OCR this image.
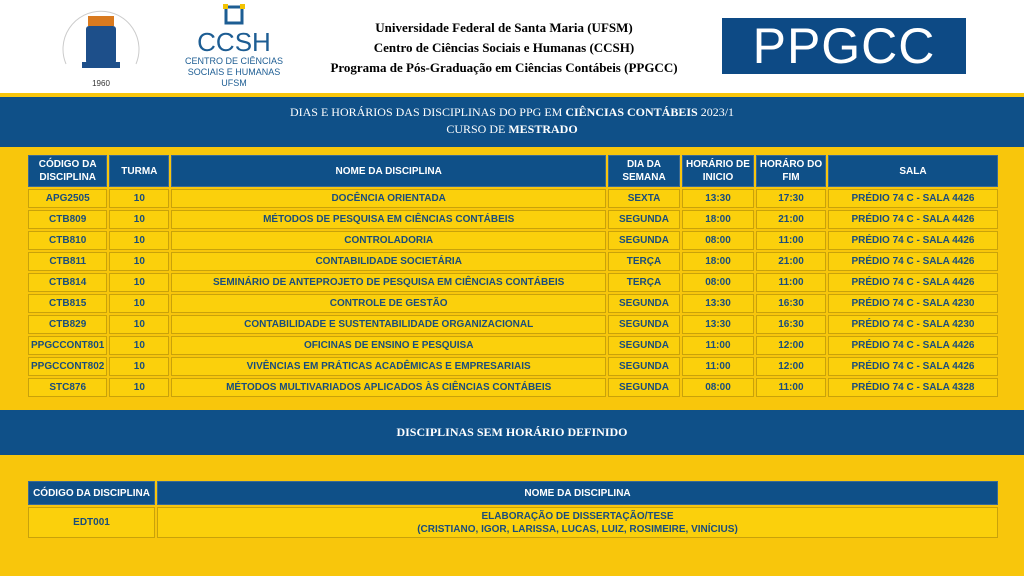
1960
CCSH
CENTRO DE CIÊNCIAS
SOCIAIS E HUMANAS
UFSM
Universidade Federal de Santa Maria (UFSM)
Centro de Ciências Sociais e Humanas (CCSH)
Programa de Pós-Graduação em Ciências Contábeis (PPGCC)	PPGCC
DIAS E HORÁRIOS DAS DISCIPLINAS DO PPG EM CIÊNCIAS CONTÁBEIS 2023/1
CURSO DE MESTRADO
CÓDIGO DA DISCIPLINA	TURMA	NOME DA DISCIPLINA	DIA DA SEMANA	HORÁRIO DE INICIO	HORÁRO DO FIM	SALA
APG2505	10	DOCÊNCIA ORIENTADA	SEXTA	13:30	17:30	PRÉDIO 74 C - SALA 4426
CTB809	10	MÉTODOS DE PESQUISA EM CIÊNCIAS CONTÁBEIS	SEGUNDA	18:00	21:00	PRÉDIO 74 C - SALA 4426
CTB810	10	CONTROLADORIA	SEGUNDA	08:00	11:00	PRÉDIO 74 C - SALA 4426
CTB811	10	CONTABILIDADE SOCIETÁRIA	TERÇA	18:00	21:00	PRÉDIO 74 C - SALA 4426
CTB814	10	SEMINÁRIO DE ANTEPROJETO DE PESQUISA EM CIÊNCIAS CONTÁBEIS	TERÇA	08:00	11:00	PRÉDIO 74 C - SALA 4426
CTB815	10	CONTROLE DE GESTÃO	SEGUNDA	13:30	16:30	PRÉDIO 74 C - SALA 4230
CTB829	10	CONTABILIDADE E SUSTENTABILIDADE ORGANIZACIONAL	SEGUNDA	13:30	16:30	PRÉDIO 74 C - SALA 4230
PPGCCONT801	10	OFICINAS DE ENSINO E PESQUISA	SEGUNDA	11:00	12:00	PRÉDIO 74 C - SALA 4426
PPGCCONT802	10	VIVÊNCIAS EM PRÁTICAS ACADÊMICAS E EMPRESARIAIS	SEGUNDA	11:00	12:00	PRÉDIO 74 C - SALA 4426
STC876	10	MÉTODOS MULTIVARIADOS APLICADOS ÀS CIÊNCIAS CONTÁBEIS	SEGUNDA	08:00	11:00	PRÉDIO 74 C - SALA 4328
DISCIPLINAS SEM HORÁRIO DEFINIDO
CÓDIGO DA DISCIPLINA	NOME DA DISCIPLINA
EDT001	ELABORAÇÃO DE DISSERTAÇÃO/TESE
(CRISTIANO, IGOR, LARISSA, LUCAS, LUIZ, ROSIMEIRE, VINÍCIUS)
